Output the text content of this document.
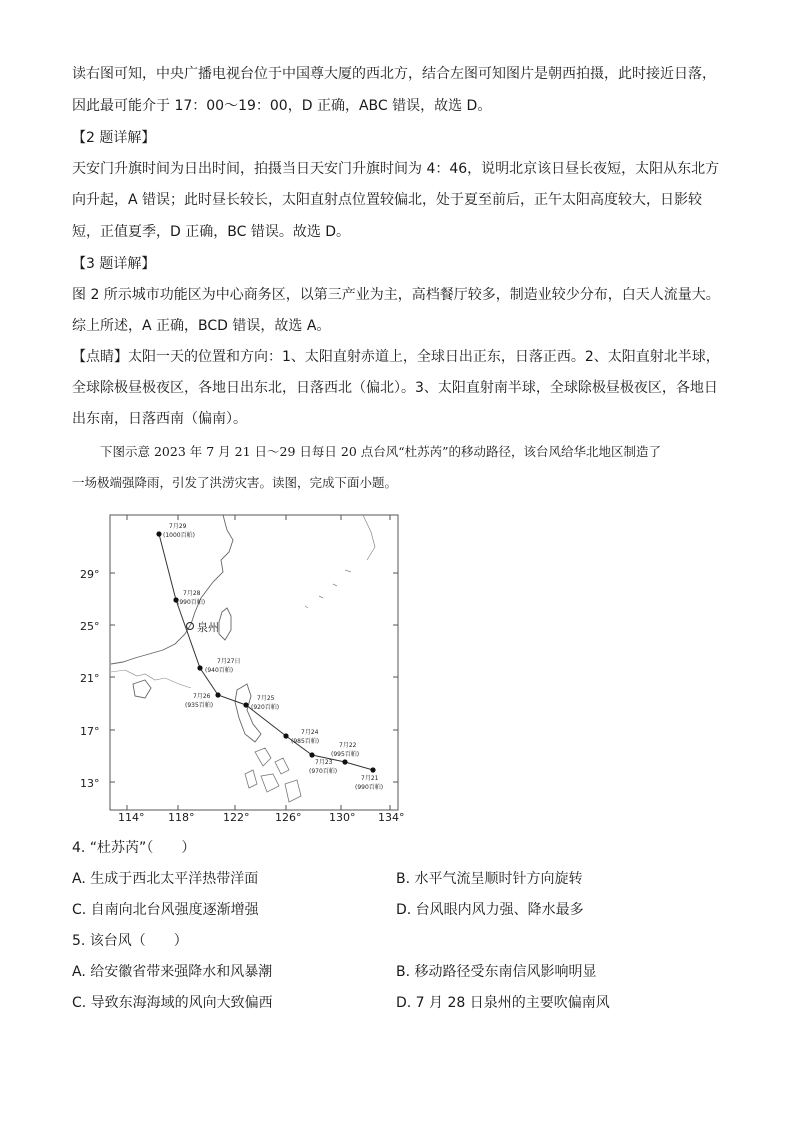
读右图可知，中央广播电视台位于中国尊大厦的西北方，结合左图可知图片是朝西拍摄，此时接近日落，
因此最可能介于 17：00～19：00，D 正确，ABC 错误，故选 D。
【2 题详解】
天安门升旗时间为日出时间，拍摄当日天安门升旗时间为 4：46，说明北京该日昼长夜短，太阳从东北方
向升起，A 错误；此时昼长较长，太阳直射点位置较偏北，处于夏至前后，正午太阳高度较大，日影较
短，正值夏季，D 正确，BC 错误。故选 D。
【3 题详解】
图 2 所示城市功能区为中心商务区，以第三产业为主，高档餐厅较多，制造业较少分布，白天人流量大。
综上所述，A 正确，BCD 错误，故选 A。
【点睛】太阳一天的位置和方向：1、太阳直射赤道上，全球日出正东，日落正西。2、太阳直射北半球，
全球除极昼极夜区，各地日出东北，日落西北（偏北）。3、太阳直射南半球，全球除极昼极夜区，各地日
出东南，日落西南（偏南）。
下图示意 2023 年 7 月 21 日～29 日每日 20 点台风“杜苏芮”的移动路径，该台风给华北地区制造了
一场极端强降雨，引发了洪涝灾害。读图，完成下面小题。
泉州
7月29
(1000百帕)
7月28
(990百帕)
7月27日
(940百帕)
7月26
(935百帕)
7月25
(920百帕)
7月24
(985百帕)
7月23
(970百帕)
7月22
(995百帕)
7月21
(990百帕)
29°
25°
21°
17°
13°
114° 118°	122° 126°	130° 134°
4. “杜苏芮”（　　）
A. 生成于西北太平洋热带洋面	B. 水平气流呈顺时针方向旋转
C. 自南向北台风强度逐渐增强	D. 台风眼内风力强、降水最多
5. 该台风（　　）
A. 给安徽省带来强降水和风暴潮	B. 移动路径受东南信风影响明显
C. 导致东海海域的风向大致偏西	D. 7 月 28 日泉州的主要吹偏南风
